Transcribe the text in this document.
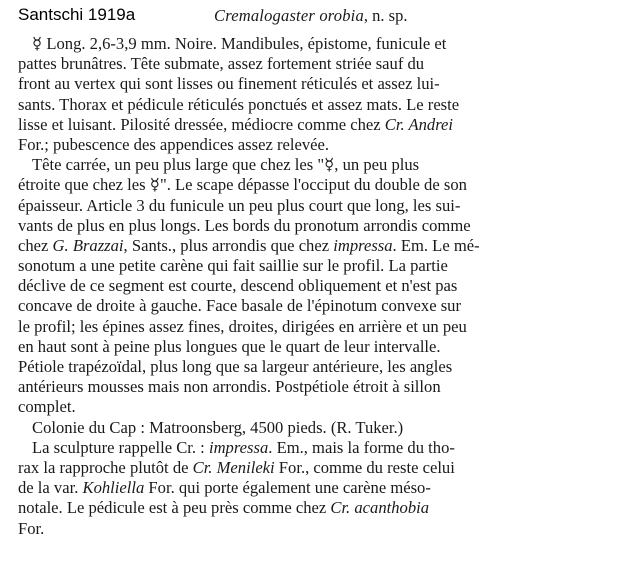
Santschi 1919a	Cremalogaster orobia, n. sp.
☿ Long. 2,6-3,9 mm. Noire. Mandibules, épistome, funicule et
pattes brunâtres. Tête submate, assez fortement striée sauf du
front au vertex qui sont lisses ou finement réticulés et assez lui-
sants. Thorax et pédicule réticulés ponctués et assez mats. Le reste
lisse et luisant. Pilosité dressée, médiocre comme chez Cr. Andrei
For.; pubescence des appendices assez relevée.
Tête carrée, un peu plus large que chez les "☿, un peu plus
étroite que chez les ☿". Le scape dépasse l'occiput du double de son
épaisseur. Article 3 du funicule un peu plus court que long, les sui-
vants de plus en plus longs. Les bords du pronotum arrondis comme
chez G. Brazzai, Sants., plus arrondis que chez impressa. Em. Le mé-
sonotum a une petite carène qui fait saillie sur le profil. La partie
déclive de ce segment est courte, descend obliquement et n'est pas
concave de droite à gauche. Face basale de l'épinotum convexe sur
le profil; les épines assez fines, droites, dirigées en arrière et un peu
en haut sont à peine plus longues que le quart de leur intervalle.
Pétiole trapézoïdal, plus long que sa largeur antérieure, les angles
antérieurs mousses mais non arrondis. Postpétiole étroit à sillon
complet.
Colonie du Cap : Matroonsberg, 4500 pieds. (R. Tuker.)
La sculpture rappelle Cr. : impressa. Em., mais la forme du tho-
rax la rapproche plutôt de Cr. Menileki For., comme du reste celui
de la var. Kohliella For. qui porte également une carène méso-
notale. Le pédicule est à peu près comme chez Cr. acanthobia
For.
